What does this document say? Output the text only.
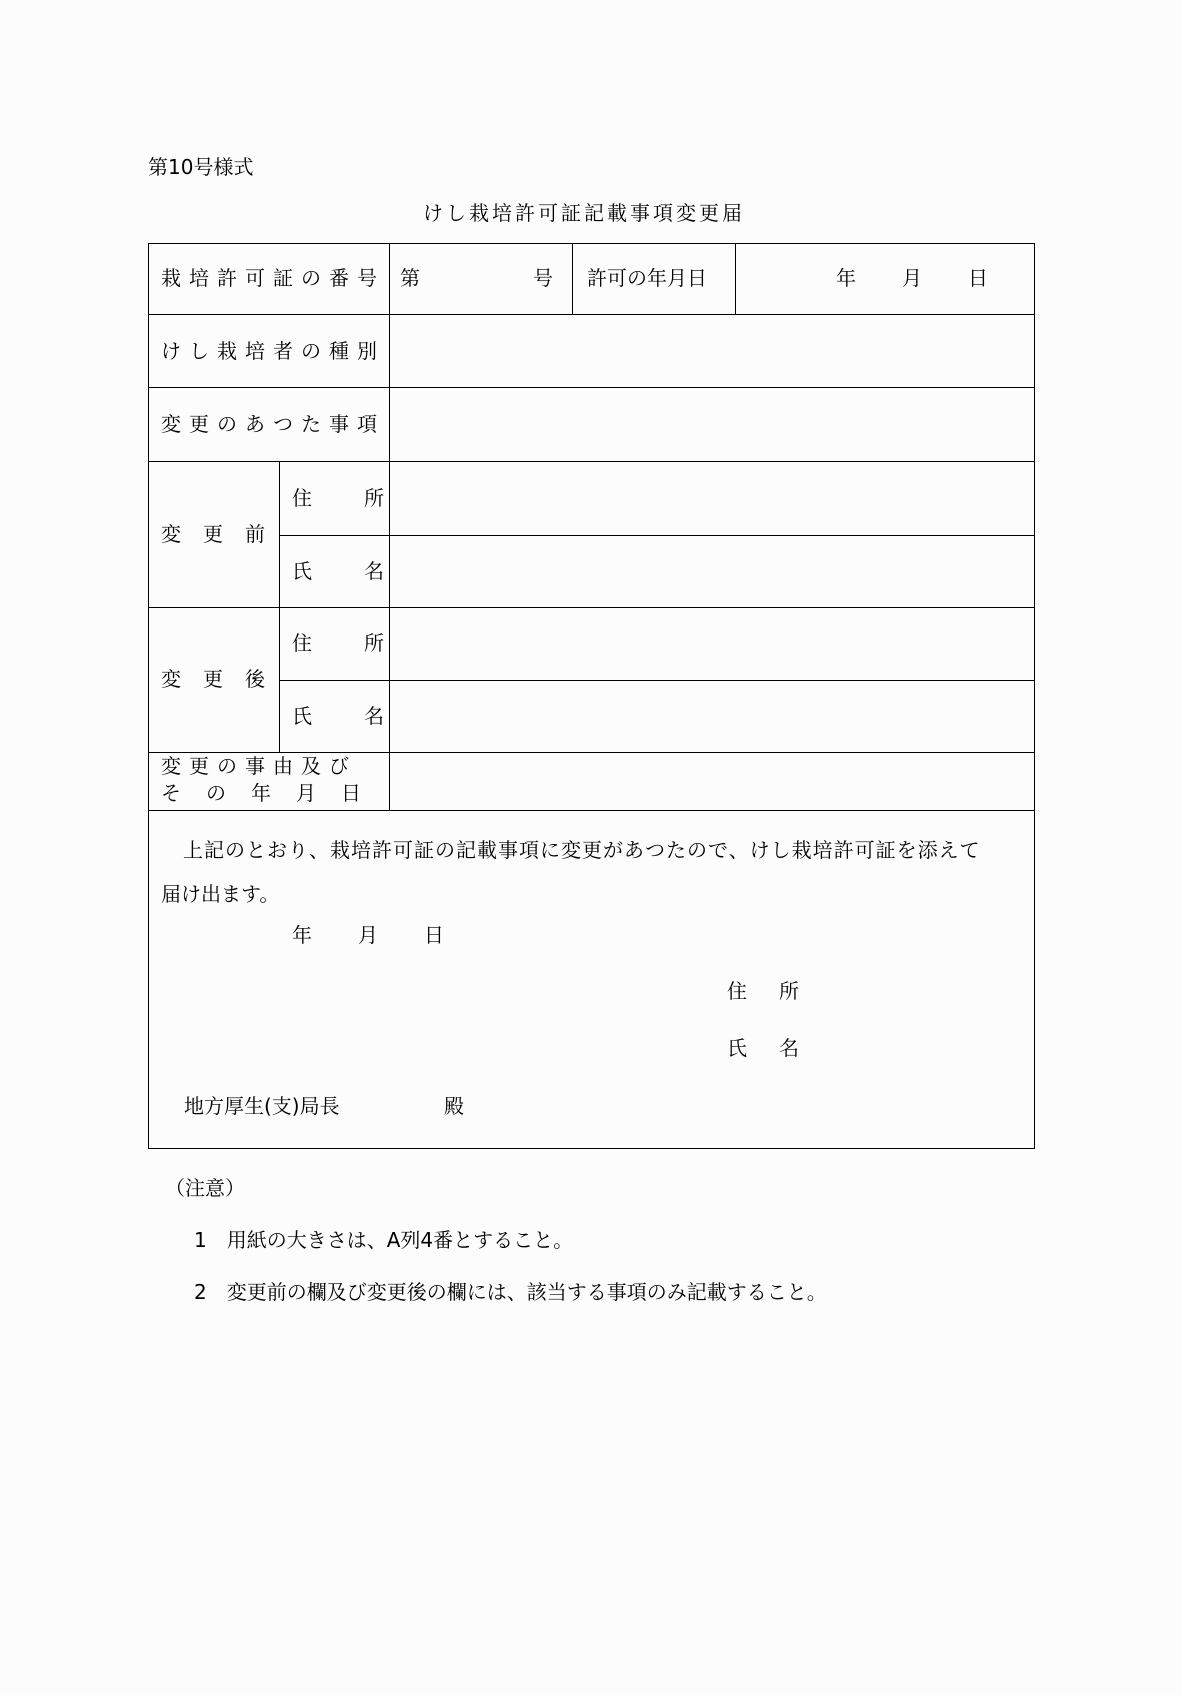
第10号様式
けし栽培許可証記載事項変更届
栽培許可証の番号 第	号 許可の年月日	年 月 日
けし栽培者の種別
変更のあつた事項
変更前
住　所
氏　名
変更後
住　所
氏　名
変更の事由及び
その年月日
上記のとおり、栽培許可証の記載事項に変更があつたので、けし栽培許可証を添えて
届け出ます。
年　　月　　日
住　所
氏　名
地方厚生(支)局長	殿
（注意）
1　用紙の大きさは、A列4番とすること。
2　変更前の欄及び変更後の欄には、該当する事項のみ記載すること。
